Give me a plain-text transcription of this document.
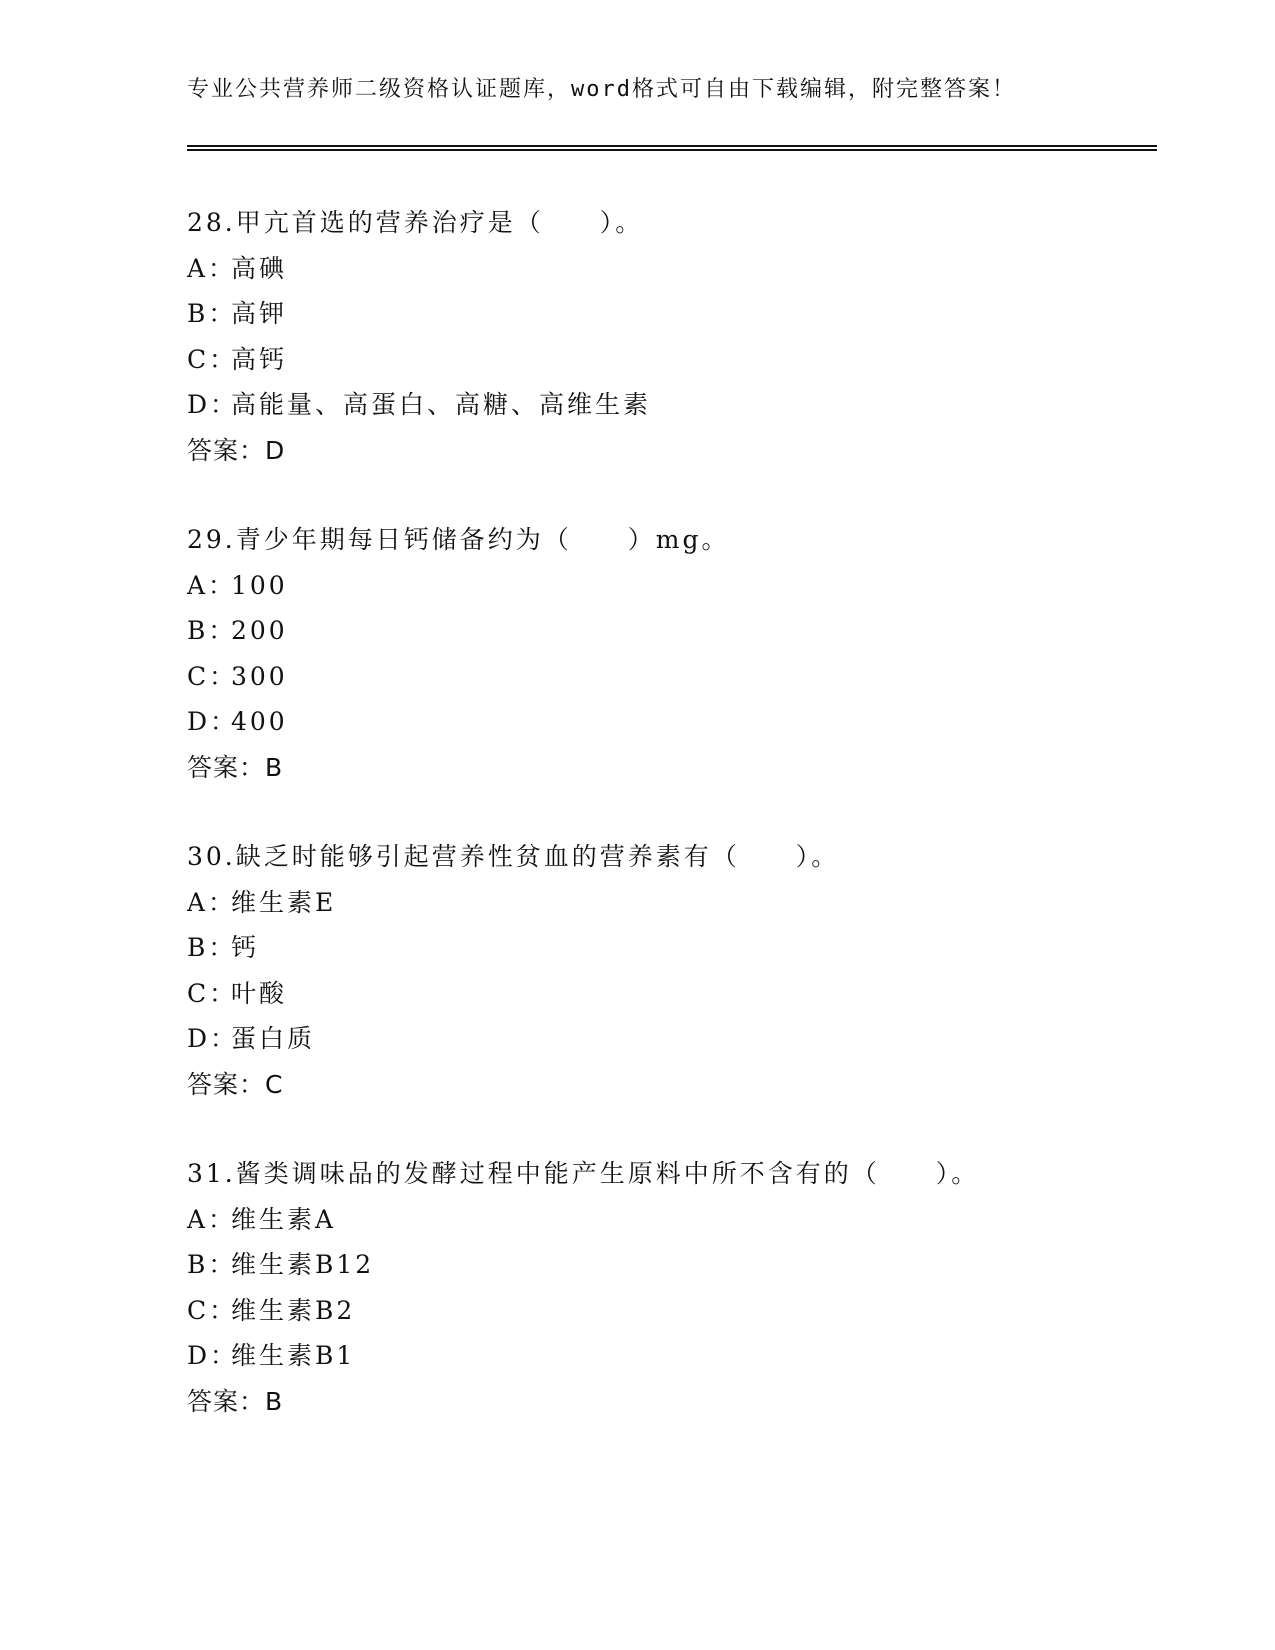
专业公共营养师二级资格认证题库，word格式可自由下载编辑，附完整答案！
28.甲亢首选的营养治疗是（　　）。
A：高碘
B：高钾
C：高钙
D：高能量、高蛋白、高糖、高维生素
答案：D
29.青少年期每日钙储备约为（　　）mg。
A：100
B：200
C：300
D：400
答案：B
30.缺乏时能够引起营养性贫血的营养素有（　　）。
A：维生素E
B：钙
C：叶酸
D：蛋白质
答案：C
31.酱类调味品的发酵过程中能产生原料中所不含有的（　　）。
A：维生素A
B：维生素B12
C：维生素B2
D：维生素B1
答案：B
